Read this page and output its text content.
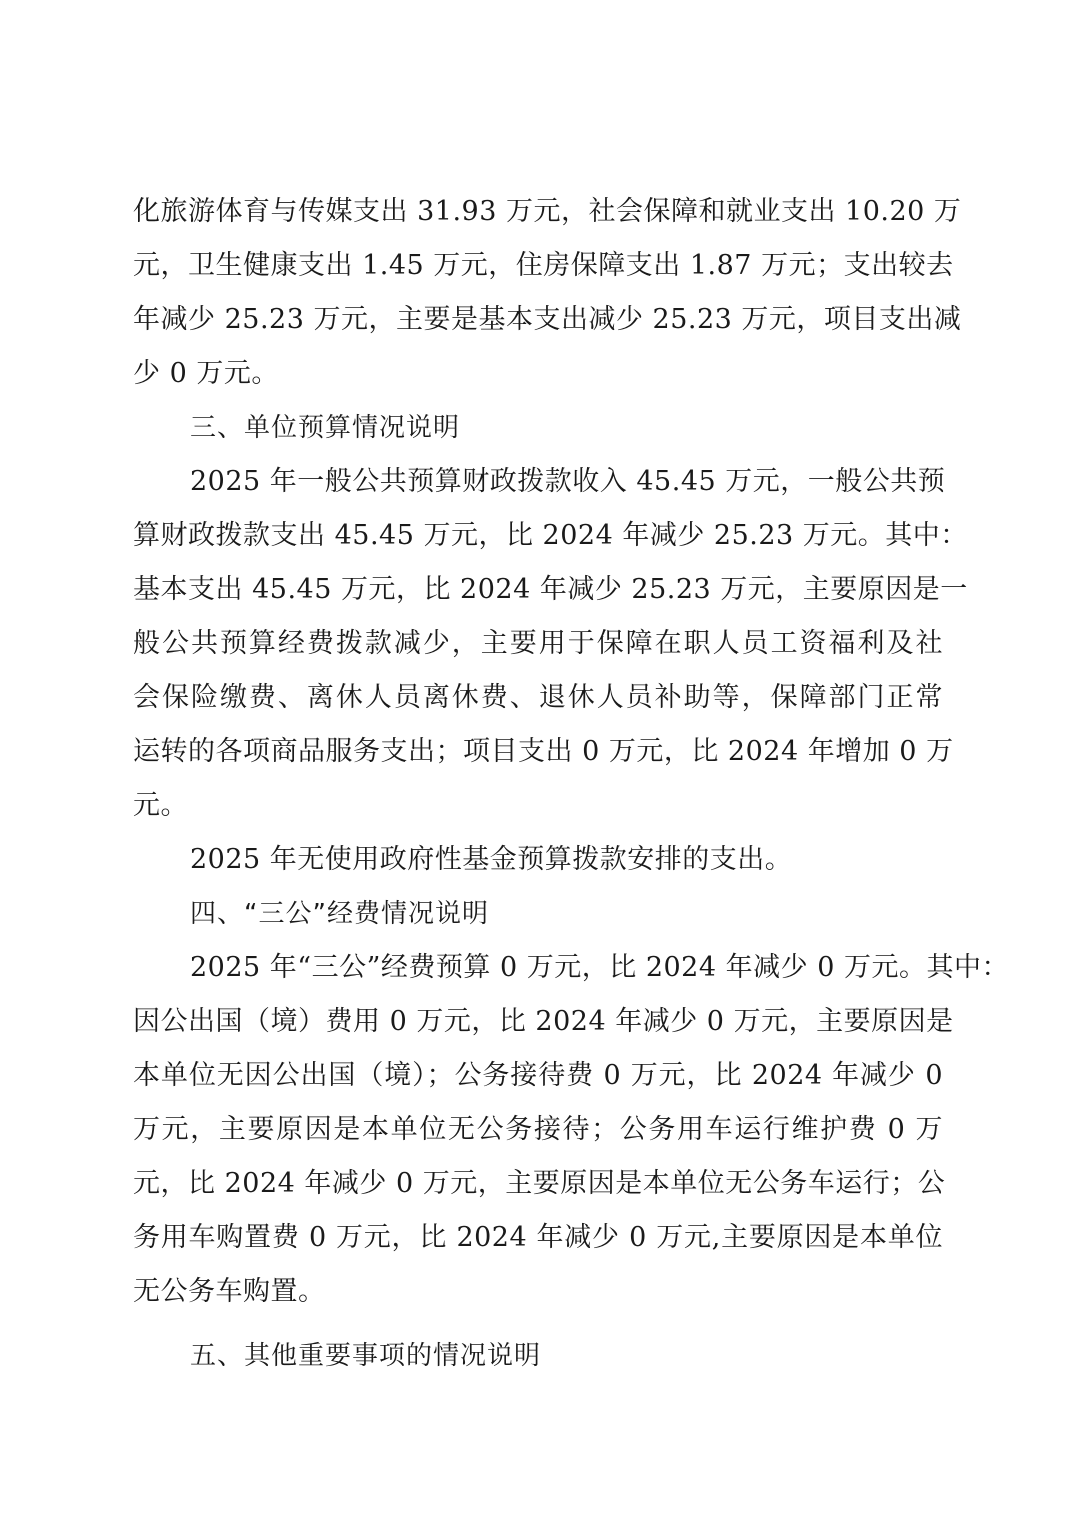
化旅游体育与传媒支出 31.93 万元，社会保障和就业支出 10.20 万
元，卫生健康支出 1.45 万元，住房保障支出 1.87 万元；支出较去
年减少 25.23 万元，主要是基本支出减少 25.23 万元，项目支出减
少 0 万元。
三、单位预算情况说明
2025 年一般公共预算财政拨款收入 45.45 万元，一般公共预
算财政拨款支出 45.45 万元，比 2024 年减少 25.23 万元。其中：
基本支出 45.45 万元，比 2024 年减少 25.23 万元，主要原因是一
般公共预算经费拨款减少，主要用于保障在职人员工资福利及社
会保险缴费、离休人员离休费、退休人员补助等，保障部门正常
运转的各项商品服务支出；项目支出 0 万元，比 2024 年增加 0 万
元。
2025 年无使用政府性基金预算拨款安排的支出。
四、“三公”经费情况说明
2025 年“三公”经费预算 0 万元，比 2024 年减少 0 万元。其中：
因公出国（境）费用 0 万元，比 2024 年减少 0 万元，主要原因是
本单位无因公出国（境）；公务接待费 0 万元，比 2024 年减少 0
万元，主要原因是本单位无公务接待；公务用车运行维护费 0 万
元，比 2024 年减少 0 万元，主要原因是本单位无公务车运行；公
务用车购置费 0 万元，比 2024 年减少 0 万元,主要原因是本单位
无公务车购置。
五、其他重要事项的情况说明
